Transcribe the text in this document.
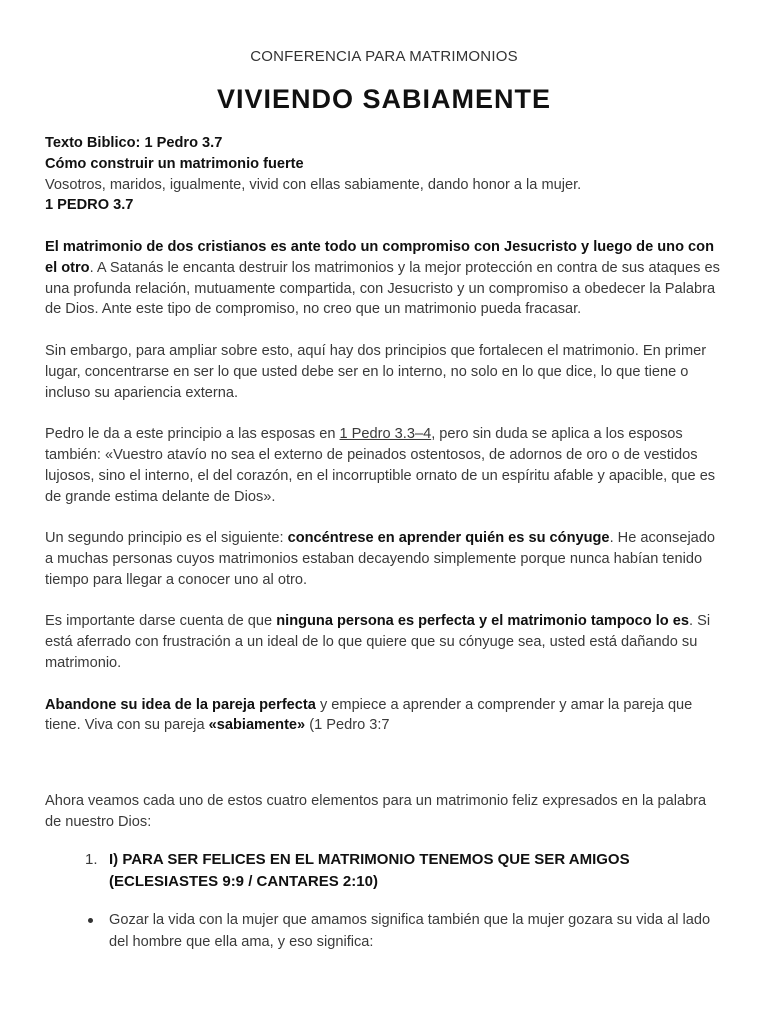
CONFERENCIA PARA MATRIMONIOS
VIVIENDO SABIAMENTE

Texto Biblico: 1 Pedro 3.7

Cómo construir un matrimonio fuerte

Vosotros, maridos, igualmente, vivid con ellas sabiamente, dando honor a la mujer.

1 PEDRO 3.7

El matrimonio de dos cristianos es ante todo un compromiso con Jesucristo y luego de uno con el otro. A Satanás le encanta destruir los matrimonios y la mejor protección en contra de sus ataques es una profunda relación, mutuamente compartida, con Jesucristo y un compromiso a obedecer la Palabra de Dios. Ante este tipo de compromiso, no creo que un matrimonio pueda fracasar.

Sin embargo, para ampliar sobre esto, aquí hay dos principios que fortalecen el matrimonio. En primer lugar, concentrarse en ser lo que usted debe ser en lo interno, no solo en lo que dice, lo que tiene o incluso su apariencia externa.

Pedro le da a este principio a las esposas en 1 Pedro 3.3–4, pero sin duda se aplica a los esposos también: «Vuestro atavío no sea el externo de peinados ostentosos, de adornos de oro o de vestidos lujosos, sino el interno, el del corazón, en el incorruptible ornato de un espíritu afable y apacible, que es de grande estima delante de Dios».

Un segundo principio es el siguiente: concéntrese en aprender quién es su cónyuge. He aconsejado a muchas personas cuyos matrimonios estaban decayendo simplemente porque nunca habían tenido tiempo para llegar a conocer uno al otro.

Es importante darse cuenta de que ninguna persona es perfecta y el matrimonio tampoco lo es. Si está aferrado con frustración a un ideal de lo que quiere que su cónyuge sea, usted está dañando su matrimonio.

Abandone su idea de la pareja perfecta y empiece a aprender a comprender y amar la pareja que tiene. Viva con su pareja «sabiamente» (1 Pedro 3:7

Ahora veamos cada uno de estos cuatro elementos para un matrimonio feliz expresados en la palabra de nuestro Dios:

1. I) PARA SER FELICES EN EL MATRIMONIO TENEMOS QUE SER AMIGOS (ECLESIASTES 9:9 / CANTARES 2:10)
Gozar la vida con la mujer que amamos significa también que la mujer gozara su vida al lado del hombre que ella ama, y eso significa:
